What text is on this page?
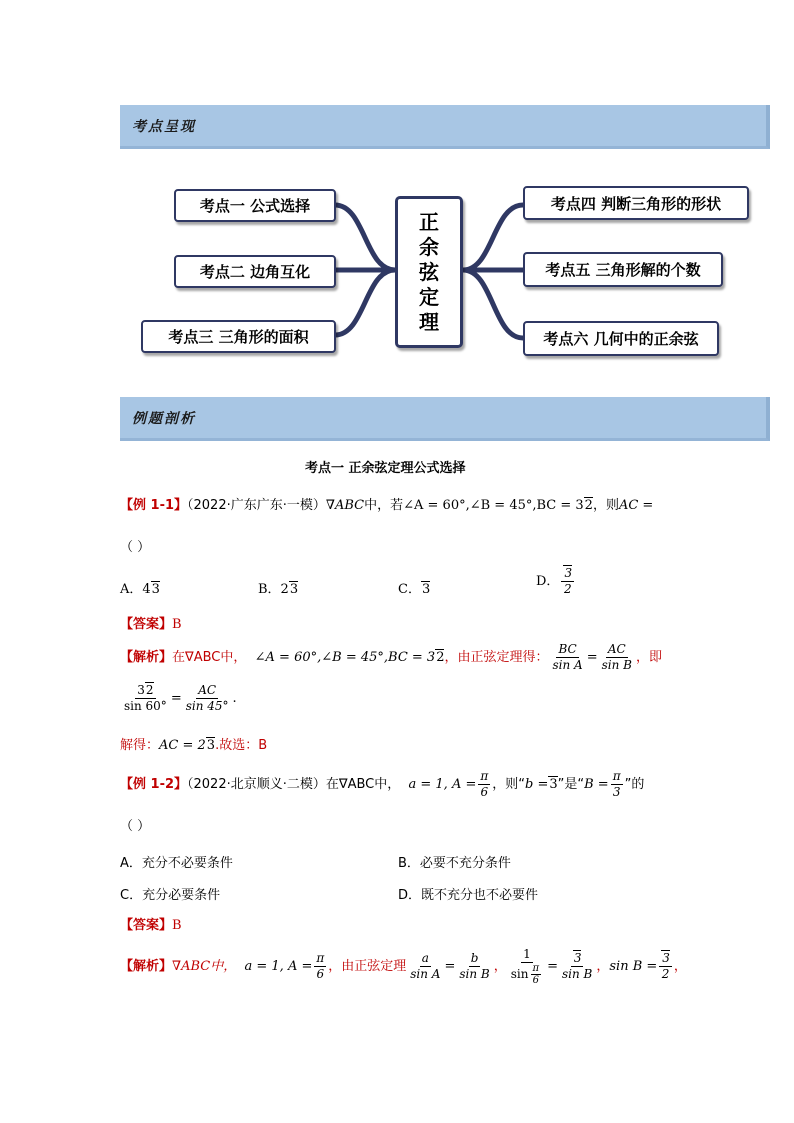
考点呈现
考点一 公式选择
考点二 边角互化
考点三 三角形的面积
正
余
弦
定
理
考点四 判断三角形的形状
考点五 三角形解的个数
考点六 几何中的正余弦
例题剖析
考点一 正余弦定理公式选择
【例 1-1】（2022·广东广东·一模）∇ABC中，若∠A = 60°,∠B = 45°,BC = 32，则AC =
（ ）
A．43	B．23	C．3
D． $\frac{3}{2}$
【答案】B
【解析】在∇ABC中， ∠A = 60°,∠B = 45°,BC = 32，由正弦定理得： $\frac{BC}{\text{sin A}} = \frac{AC}{\text{sin B}}$ ，即
$\frac{32}{\sin 60^\circ} = \frac{AC}{\sin 45^\circ}$ .
解得：AC = 23.故选：B
【例 1-2】（2022·北京顺义·二模）在∇ABC中， a = 1, $A = \frac{\pi}{6}$ ，则“b =3”是“$B = \frac{\pi}{3}$ ”的
（ ）
A．充分不必要条件	B．必要不充分条件
C．充分必要条件	D．既不充分也不必要件
【答案】B
【解析】∇ABC中， a = 1, $A = \frac{\pi}{6}$ ，由正弦定理 $\frac{a}{\text{sin A}} = \frac{b}{\text{sin B}}$ ， $\frac{1}{\sin \frac{\pi}{6}} = \frac{3}{\text{sin B}}$ ，$\sin B = \frac{3}{2}$ ，
